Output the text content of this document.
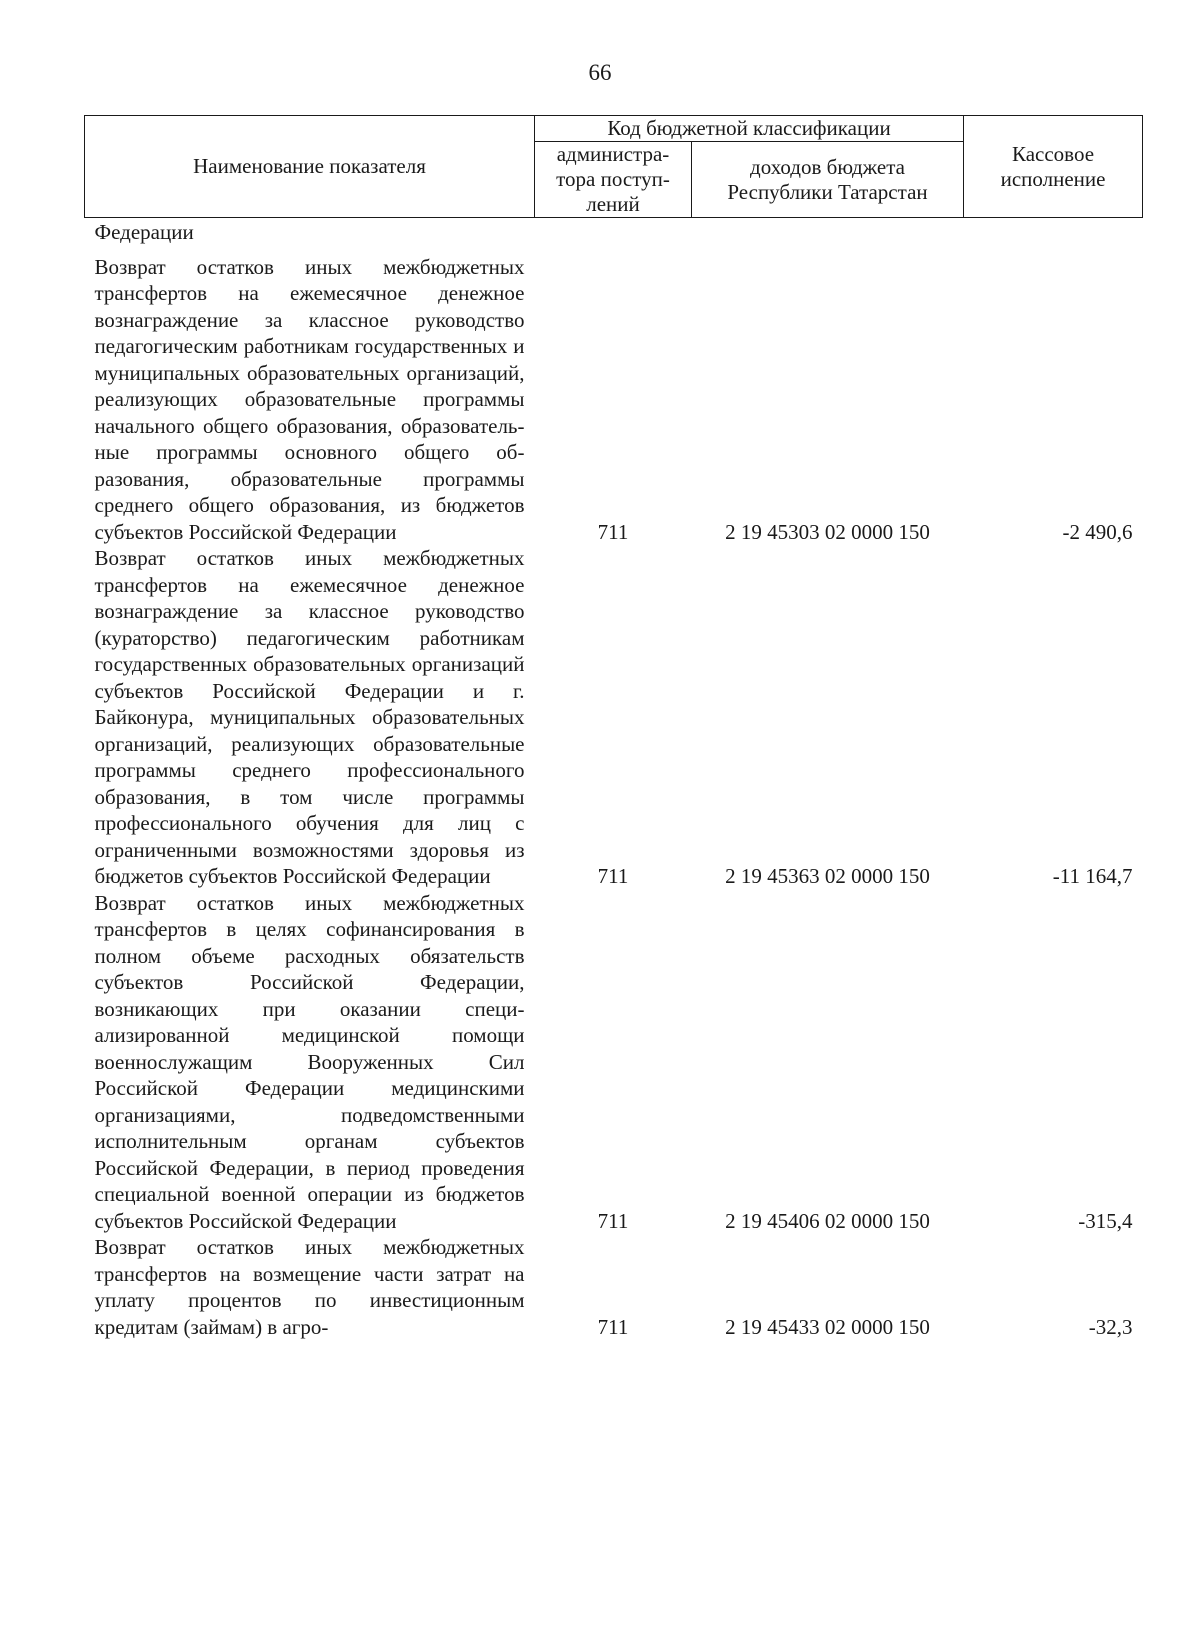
66
Наименование показателя	Код бюджетной классификации		Кассовое исполнение
	администра-тора поступ-лений	доходов бюджета Республики Татарстан	
Федерации			

Возврат остатков иных межбюджетных трансфертов на ежемесячное денежное вознаграждение за классное руководство педагогическим работникам государственных и муниципальных образовательных организаций, реализующих образовательные программы начального общего образования, образовательные программы основного общего образования, образовательные программы среднего общего образования, из бюджетов субъектов Российской Федерации	711	2 19 45303 02 0000 150	-2 490,6
Возврат остатков иных межбюджетных трансфертов на ежемесячное денежное вознаграждение за классное руководство (кураторство) педагогическим работникам государственных образовательных организаций субъектов Российской Федерации и г. Байконура, муниципальных образовательных организаций, реализующих образовательные программы среднего профессионального образования, в том числе программы профессионального обучения для лиц с ограниченными возможностями здоровья из бюджетов субъектов Российской Федерации	711	2 19 45363 02 0000 150	-11 164,7
Возврат остатков иных межбюджетных трансфертов в целях софинансирования в полном объеме расходных обязательств субъектов Российской Федерации, возникающих при оказании специализированной медицинской помощи военнослужащим Вооруженных Сил Российской Федерации медицинскими организациями, подведомственными исполнительным органам субъектов Российской Федерации, в период проведения специальной военной операции из бюджетов субъектов Российской Федерации	711	2 19 45406 02 0000 150	-315,4
Возврат остатков иных межбюджетных трансфертов на возмещение части затрат на уплату процентов по инвестиционным кредитам (займам) в агро-	711	2 19 45433 02 0000 150	-32,3
